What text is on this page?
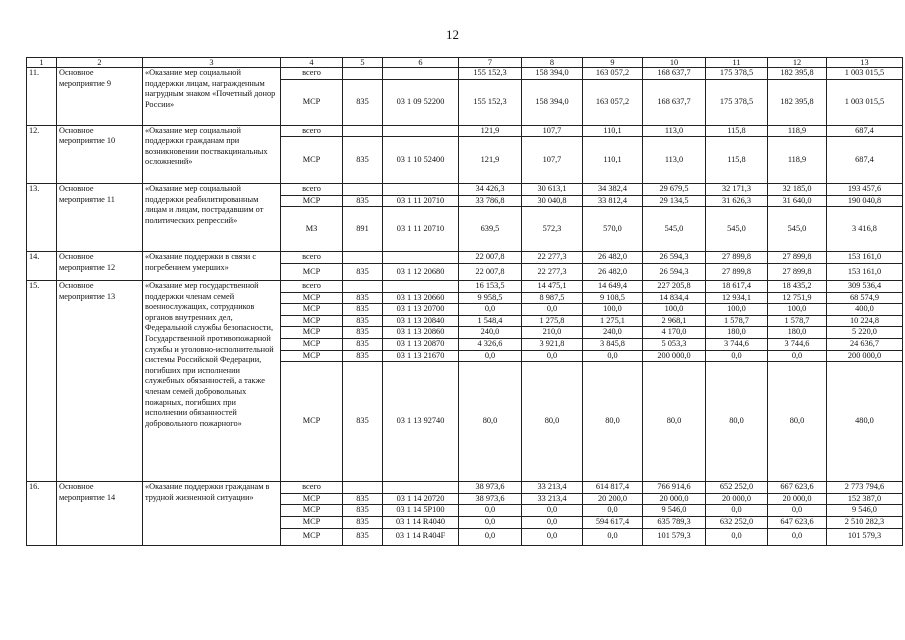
12
1	2	3	4	5	6	7	8	9	10	11	12	13
11.	Основное мероприятие 9	«Оказание мер социальной поддержки лицам, награжденным нагрудным знаком «Почетный донор России»	всего			155 152,3	158 394,0	163 057,2	168 637,7	175 378,5	182 395,8	1 003 015,5
			МСР	835	03 1 09 52200	155 152,3	158 394,0	163 057,2	168 637,7	175 378,5	182 395,8	1 003 015,5
12.	Основное мероприятие 10	«Оказание мер социальной поддержки гражданам при возникновении поствакцинальных осложнений»	всего			121,9	107,7	110,1	113,0	115,8	118,9	687,4
			МСР	835	03 1 10 52400	121,9	107,7	110,1	113,0	115,8	118,9	687,4
13.	Основное мероприятие 11	«Оказание мер социальной поддержки реабилитированным лицам и лицам, пострадавшим от политических репрессий»	всего			34 426,3	30 613,1	34 382,4	29 679,5	32 171,3	32 185,0	193 457,6
			МСР	835	03 1 11 20710	33 786,8	30 040,8	33 812,4	29 134,5	31 626,3	31 640,0	190 040,8
			МЗ	891	03 1 11 20710	639,5	572,3	570,0	545,0	545,0	545,0	3 416,8
14.	Основное мероприятие 12	«Оказание поддержки в связи с погребением умерших»	всего			22 007,8	22 277,3	26 482,0	26 594,3	27 899,8	27 899,8	153 161,0
			МСР	835	03 1 12 20680	22 007,8	22 277,3	26 482,0	26 594,3	27 899,8	27 899,8	153 161,0
15.	Основное мероприятие 13	«Оказание мер государственной поддержки членам семей военнослужащих, сотрудников органов внутренних дел, Федеральной службы безопасности, Государственной противопожарной службы и уголовно-исполнительной системы Российской Федерации, погибших при исполнении служебных обязанностей, а также членам семей добровольных пожарных, погибших при исполнении обязанностей добровольного пожарного»	всего			16 153,5	14 475,1	14 649,4	227 205,8	18 617,4	18 435,2	309 536,4
			МСР	835	03 1 13 20660	9 958,5	8 987,5	9 108,5	14 834,4	12 934,1	12 751,9	68 574,9
			МСР	835	03 1 13 20700	0,0	0,0	100,0	100,0	100,0	100,0	400,0
			МСР	835	03 1 13 20840	1 548,4	1 275,8	1 275,1	2 968,1	1 578,7	1 578,7	10 224,8
			МСР	835	03 1 13 20860	240,0	210,0	240,0	4 170,0	180,0	180,0	5 220,0
			МСР	835	03 1 13 20870	4 326,6	3 921,8	3 845,8	5 053,3	3 744,6	3 744,6	24 636,7
			МСР	835	03 1 13 21670	0,0	0,0	0,0	200 000,0	0,0	0,0	200 000,0
			МСР	835	03 1 13 92740	80,0	80,0	80,0	80,0	80,0	80,0	480,0
16.	Основное мероприятие 14	«Оказание поддержки гражданам в трудной жизненной ситуации»	всего			38 973,6	33 213,4	614 817,4	766 914,6	652 252,0	667 623,6	2 773 794,6
			МСР	835	03 1 14 20720	38 973,6	33 213,4	20 200,0	20 000,0	20 000,0	20 000,0	152 387,0
			МСР	835	03 1 14 5Р100	0,0	0,0	0,0	9 546,0	0,0	0,0	9 546,0
			МСР	835	03 1 14 R4040	0,0	0,0	594 617,4	635 789,3	632 252,0	647 623,6	2 510 282,3
			МСР	835	03 1 14 R404F	0,0	0,0	0,0	101 579,3	0,0	0,0	101 579,3
